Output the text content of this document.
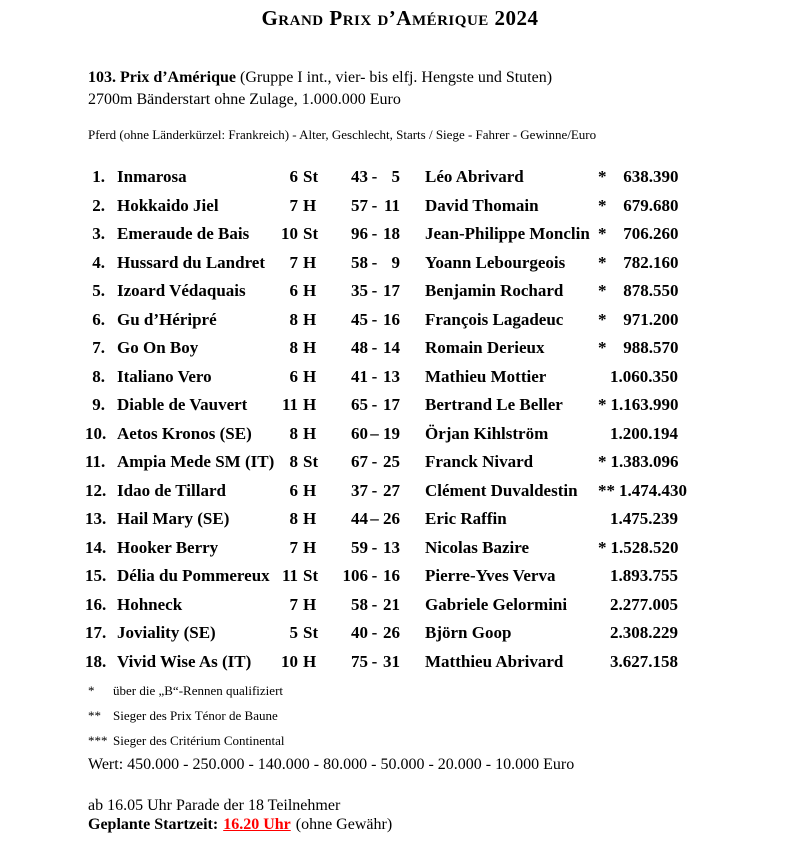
Grand Prix d’Amérique 2024
103. Prix d’Amérique (Gruppe I int., vier- bis elfj. Hengste und Stuten)
2700m Bänderstart ohne Zulage, 1.000.000 Euro
Pferd (ohne Länderkürzel: Frankreich) - Alter, Geschlecht, Starts / Siege - Fahrer - Gewinne/Euro
1. Inmarosa	6 St	43 - 5 Léo Abrivard	* 638.390
2. Hokkaido Jiel	7 H	57 - 11 David Thomain	* 679.680
3. Emeraude de Bais	10 St	96 - 18 Jean-Philippe Monclin * 706.260
4. Hussard du Landret	7 H	58 - 9 Yoann Lebourgeois	* 782.160
5. Izoard Védaquais	6 H	35 - 17 Benjamin Rochard	* 878.550
6. Gu d’Héripré	8 H	45 - 16 François Lagadeuc	* 971.200
7. Go On Boy	8 H	48 - 14 Romain Derieux	* 988.570
8. Italiano Vero	6 H	41 - 13 Mathieu Mottier	1.060.350
9. Diable de Vauvert	11 H	65 - 17 Bertrand Le Beller	* 1.163.990
10. Aetos Kronos (SE)	8 H	60 – 19 Örjan Kihlström	1.200.194
11. Ampia Mede SM (IT) 8 St	67 - 25 Franck Nivard	* 1.383.096
12. Idao de Tillard	6 H	37 - 27 Clément Duvaldestin	** 1.474.430
13. Hail Mary (SE)	8 H	44 – 26 Eric Raffin	1.475.239
14. Hooker Berry	7 H	59 - 13 Nicolas Bazire	* 1.528.520
15. Délia du Pommereux 11 St	106 - 16 Pierre-Yves Verva	1.893.755
16. Hohneck	7 H	58 - 21 Gabriele Gelormini	2.277.005
17. Joviality (SE)	5 St	40 - 26 Björn Goop	2.308.229
18. Vivid Wise As (IT)	10 H	75 - 31 Matthieu Abrivard	3.627.158
*	über die „B“-Rennen qualifiziert
** Sieger des Prix Ténor de Baune
*** Sieger des Critérium Continental
Wert: 450.000 - 250.000 - 140.000 - 80.000 - 50.000 - 20.000 - 10.000 Euro
ab 16.05 Uhr Parade der 18 Teilnehmer
Geplante Startzeit: 16.20 Uhr (ohne Gewähr)
